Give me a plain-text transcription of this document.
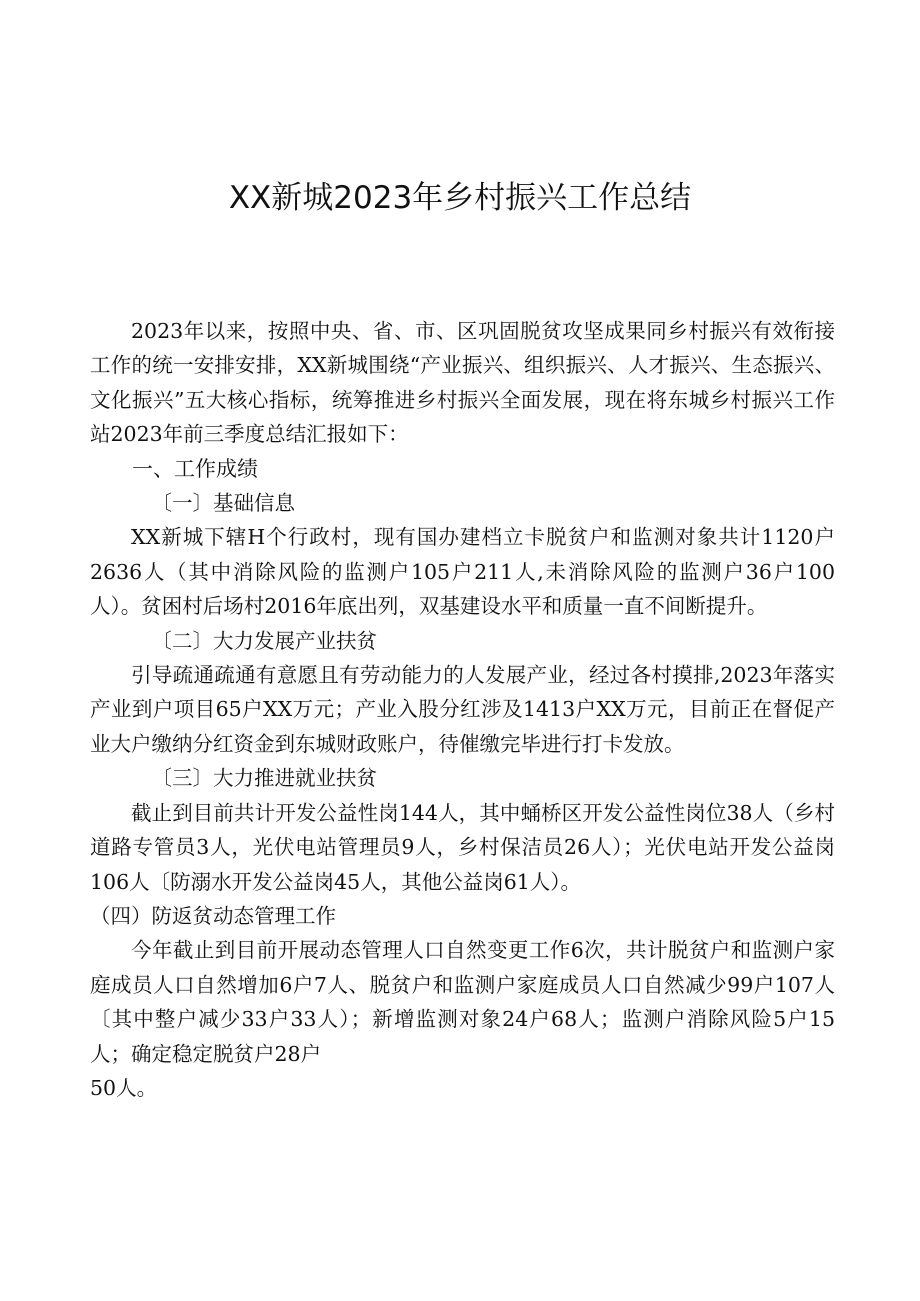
XX新城2023年乡村振兴工作总结

2023年以来，按照中央、省、市、区巩固脱贫攻坚成果同乡村振兴有效衔接工作的统一安排安排，XX新城围绕“产业振兴、组织振兴、人才振兴、生态振兴、文化振兴”五大核心指标，统筹推进乡村振兴全面发展，现在将东城乡村振兴工作站2023年前三季度总结汇报如下：

一、工作成绩

〔一〕基础信息

XX新城下辖H个行政村，现有国办建档立卡脱贫户和监测对象共计1120户2636人（其中消除风险的监测户105户211人,未消除风险的监测户36户100人）。贫困村后场村2016年底出列，双基建设水平和质量一直不间断提升。

〔二〕大力发展产业扶贫

引导疏通疏通有意愿且有劳动能力的人发展产业，经过各村摸排,2023年落实产业到户项目65户XX万元；产业入股分红涉及1413户XX万元，目前正在督促产业大户缴纳分红资金到东城财政账户，待催缴完毕进行打卡发放。

〔三〕大力推进就业扶贫

截止到目前共计开发公益性岗144人，其中蛹桥区开发公益性岗位38人（乡村道路专管员3人，光伏电站管理员9人，乡村保洁员26人）；光伏电站开发公益岗106人〔防溺水开发公益岗45人，其他公益岗61人）。

（四）防返贫动态管理工作

今年截止到目前开展动态管理人口自然变更工作6次，共计脱贫户和监测户家庭成员人口自然增加6户7人、脱贫户和监测户家庭成员人口自然减少99户107人〔其中整户减少33户33人）；新增监测对象24户68人；监测户消除风险5户15人；确定稳定脱贫户28户

50人。
